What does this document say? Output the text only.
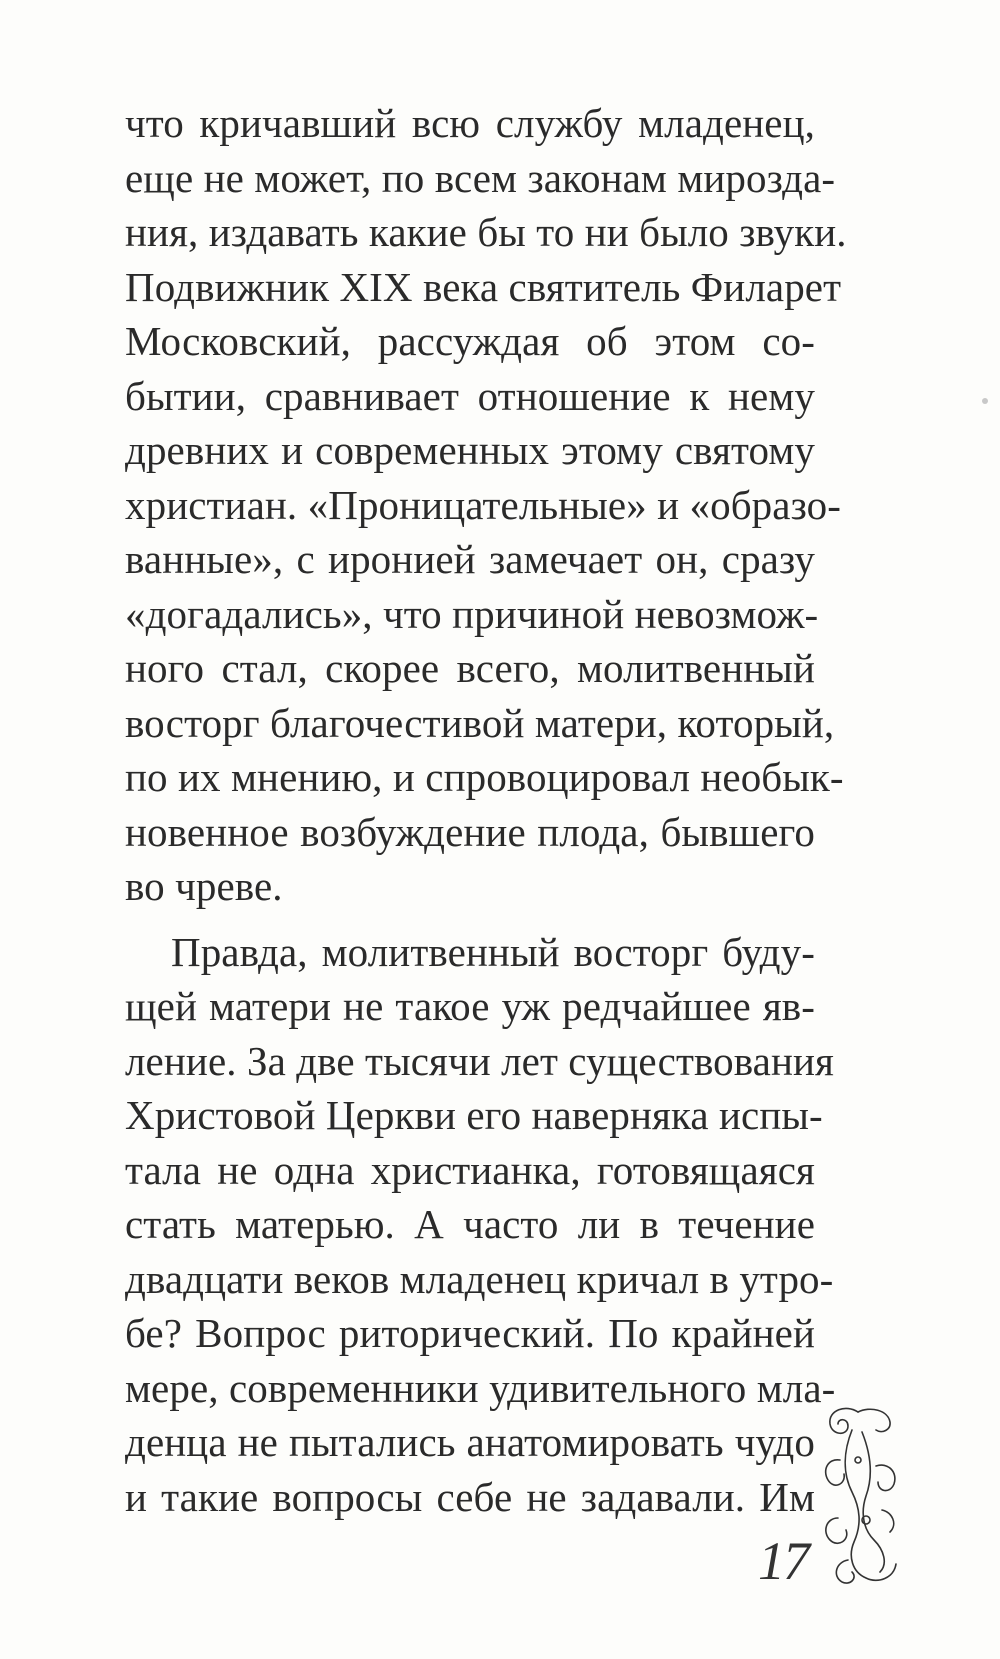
что кричавший всю службу младенец,
еще не может, по всем законам мирозда-
ния, издавать какие бы то ни было звуки.
Подвижник XIX века святитель Филарет
Московский, рассуждая об этом со-
бытии, сравнивает отношение к нему
древних и современных этому святому
христиан. «Проницательные» и «образо-
ванные», с иронией замечает он, сразу
«догадались», что причиной невозмож-
ного стал, скорее всего, молитвенный
восторг благочестивой матери, который,
по их мнению, и спровоцировал необык-
новенное возбуждение плода, бывшего
во чреве.
Правда, молитвенный восторг буду-
щей матери не такое уж редчайшее яв-
ление. За две тысячи лет существования
Христовой Церкви его наверняка испы-
тала не одна христианка, готовящаяся
стать матерью. А часто ли в течение
двадцати веков младенец кричал в утро-
бе? Вопрос риторический. По крайней
мере, современники удивительного мла-
денца не пытались анатомировать чудо
и такие вопросы себе не задавали. Им
17
